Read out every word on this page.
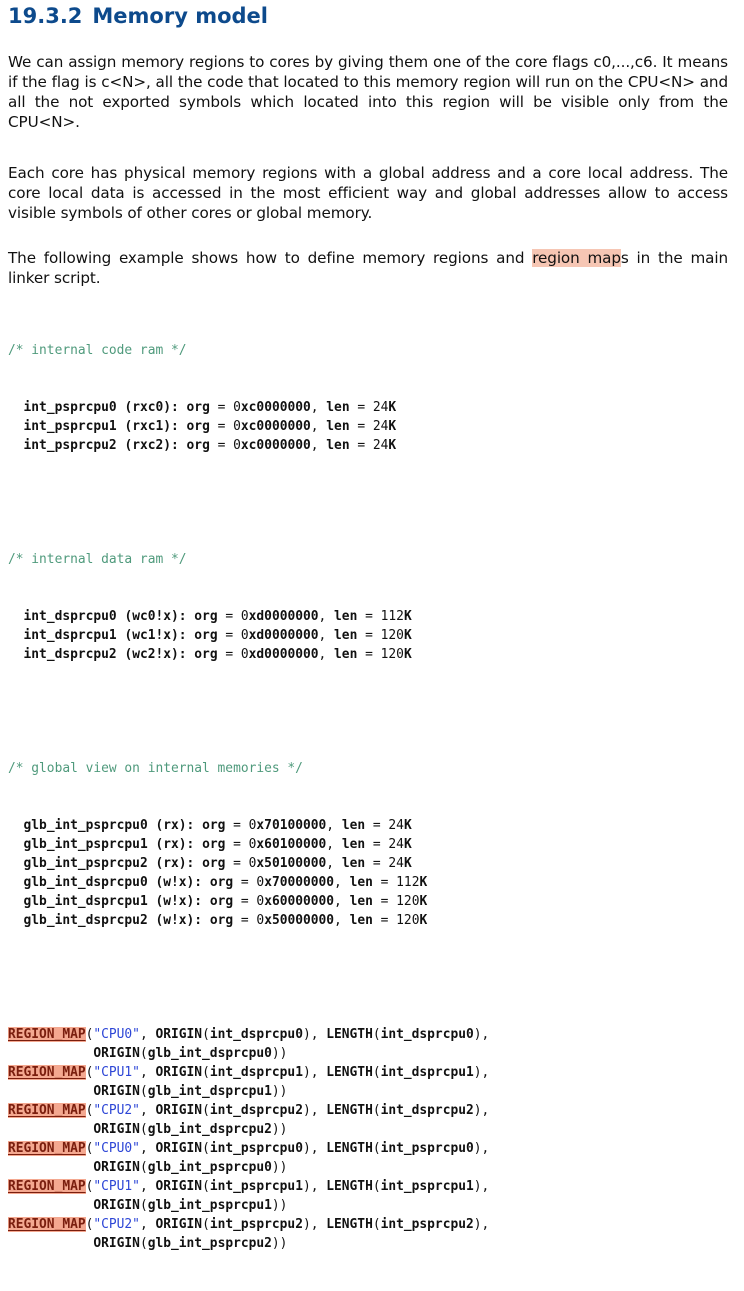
19.3.2 Memory model

We can assign memory regions to cores by giving them one of the core flags c0,...,c6. It means if the flag is c<N>, all the code that located to this memory region will run on the CPU<N> and all the not exported symbols which located into this region will be visible only from the CPU<N>.

Each core has physical memory regions with a global address and a core local address. The core local data is accessed in the most efficient way and global addresses allow to access visible symbols of other cores or global memory.

The following example shows how to define memory regions and region maps in the main linker script.

/* internal code ram */

int_psprcpu0 (rxc0): org = 0xc0000000, len = 24K
int_psprcpu1 (rxc1): org = 0xc0000000, len = 24K
int_psprcpu2 (rxc2): org = 0xc0000000, len = 24K

/* internal data ram */

int_dsprcpu0 (wc0!x): org = 0xd0000000, len = 112K
int_dsprcpu1 (wc1!x): org = 0xd0000000, len = 120K
int_dsprcpu2 (wc2!x): org = 0xd0000000, len = 120K

/* global view on internal memories */

glb_int_psprcpu0 (rx): org = 0x70100000, len = 24K
glb_int_psprcpu1 (rx): org = 0x60100000, len = 24K
glb_int_psprcpu2 (rx): org = 0x50100000, len = 24K
glb_int_dsprcpu0 (w!x): org = 0x70000000, len = 112K
glb_int_dsprcpu1 (w!x): org = 0x60000000, len = 120K
glb_int_dsprcpu2 (w!x): org = 0x50000000, len = 120K

REGION_MAP("CPU0", ORIGIN(int_dsprcpu0), LENGTH(int_dsprcpu0),
ORIGIN(glb_int_dsprcpu0))
REGION_MAP("CPU1", ORIGIN(int_dsprcpu1), LENGTH(int_dsprcpu1),
ORIGIN(glb_int_dsprcpu1))
REGION_MAP("CPU2", ORIGIN(int_dsprcpu2), LENGTH(int_dsprcpu2),
ORIGIN(glb_int_dsprcpu2))
REGION_MAP("CPU0", ORIGIN(int_psprcpu0), LENGTH(int_psprcpu0),
ORIGIN(glb_int_psprcpu0))
REGION_MAP("CPU1", ORIGIN(int_psprcpu1), LENGTH(int_psprcpu1),
ORIGIN(glb_int_psprcpu1))
REGION_MAP("CPU2", ORIGIN(int_psprcpu2), LENGTH(int_psprcpu2),
ORIGIN(glb_int_psprcpu2))
